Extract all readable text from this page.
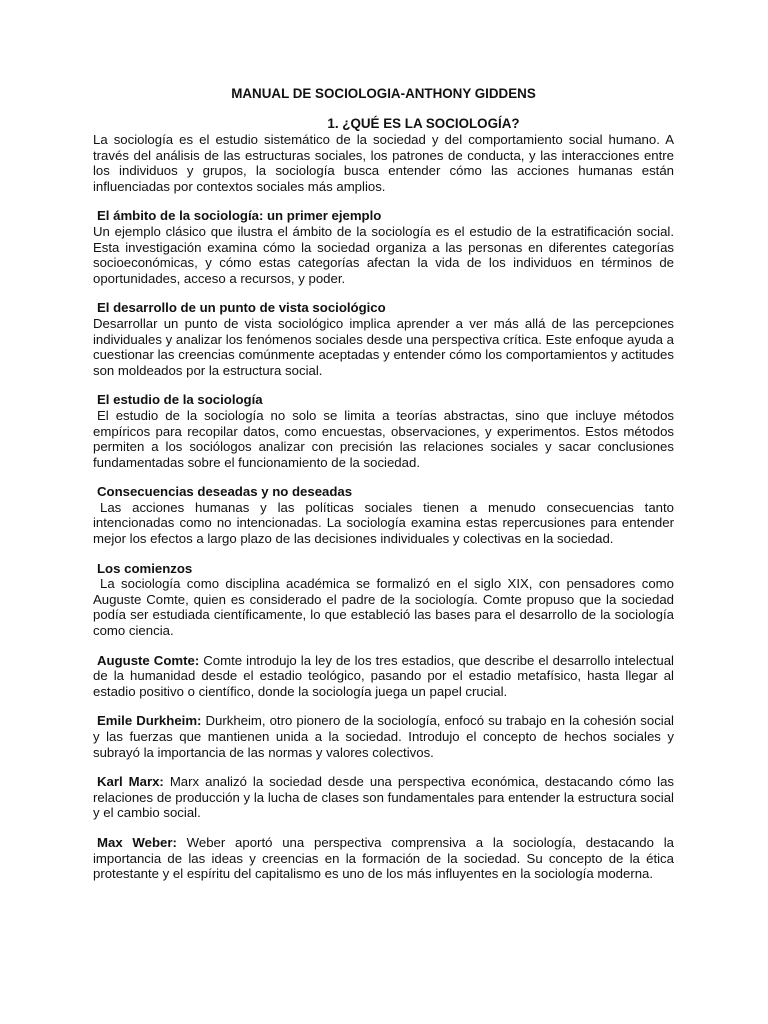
MANUAL DE SOCIOLOGIA-ANTHONY GIDDENS
1. ¿QUÉ ES LA SOCIOLOGÍA?

La sociología es el estudio sistemático de la sociedad y del comportamiento social humano. A través del análisis de las estructuras sociales, los patrones de conducta, y las interacciones entre los individuos y grupos, la sociología busca entender cómo las acciones humanas están influenciadas por contextos sociales más amplios.

El ámbito de la sociología: un primer ejemplo

Un ejemplo clásico que ilustra el ámbito de la sociología es el estudio de la estratificación social. Esta investigación examina cómo la sociedad organiza a las personas en diferentes categorías socioeconómicas, y cómo estas categorías afectan la vida de los individuos en términos de oportunidades, acceso a recursos, y poder.

El desarrollo de un punto de vista sociológico

Desarrollar un punto de vista sociológico implica aprender a ver más allá de las percepciones individuales y analizar los fenómenos sociales desde una perspectiva crítica. Este enfoque ayuda a cuestionar las creencias comúnmente aceptadas y entender cómo los comportamientos y actitudes son moldeados por la estructura social.

El estudio de la sociología

El estudio de la sociología no solo se limita a teorías abstractas, sino que incluye métodos empíricos para recopilar datos, como encuestas, observaciones, y experimentos. Estos métodos permiten a los sociólogos analizar con precisión las relaciones sociales y sacar conclusiones fundamentadas sobre el funcionamiento de la sociedad.

Consecuencias deseadas y no deseadas

Las acciones humanas y las políticas sociales tienen a menudo consecuencias tanto intencionadas como no intencionadas. La sociología examina estas repercusiones para entender mejor los efectos a largo plazo de las decisiones individuales y colectivas en la sociedad.

Los comienzos

La sociología como disciplina académica se formalizó en el siglo XIX, con pensadores como Auguste Comte, quien es considerado el padre de la sociología. Comte propuso que la sociedad podía ser estudiada científicamente, lo que estableció las bases para el desarrollo de la sociología como ciencia.

Auguste Comte: Comte introdujo la ley de los tres estadios, que describe el desarrollo intelectual de la humanidad desde el estadio teológico, pasando por el estadio metafísico, hasta llegar al estadio positivo o científico, donde la sociología juega un papel crucial.

Emile Durkheim: Durkheim, otro pionero de la sociología, enfocó su trabajo en la cohesión social y las fuerzas que mantienen unida a la sociedad. Introdujo el concepto de hechos sociales y subrayó la importancia de las normas y valores colectivos.

Karl Marx: Marx analizó la sociedad desde una perspectiva económica, destacando cómo las relaciones de producción y la lucha de clases son fundamentales para entender la estructura social y el cambio social.

Max Weber: Weber aportó una perspectiva comprensiva a la sociología, destacando la importancia de las ideas y creencias en la formación de la sociedad. Su concepto de la ética protestante y el espíritu del capitalismo es uno de los más influyentes en la sociología moderna.
